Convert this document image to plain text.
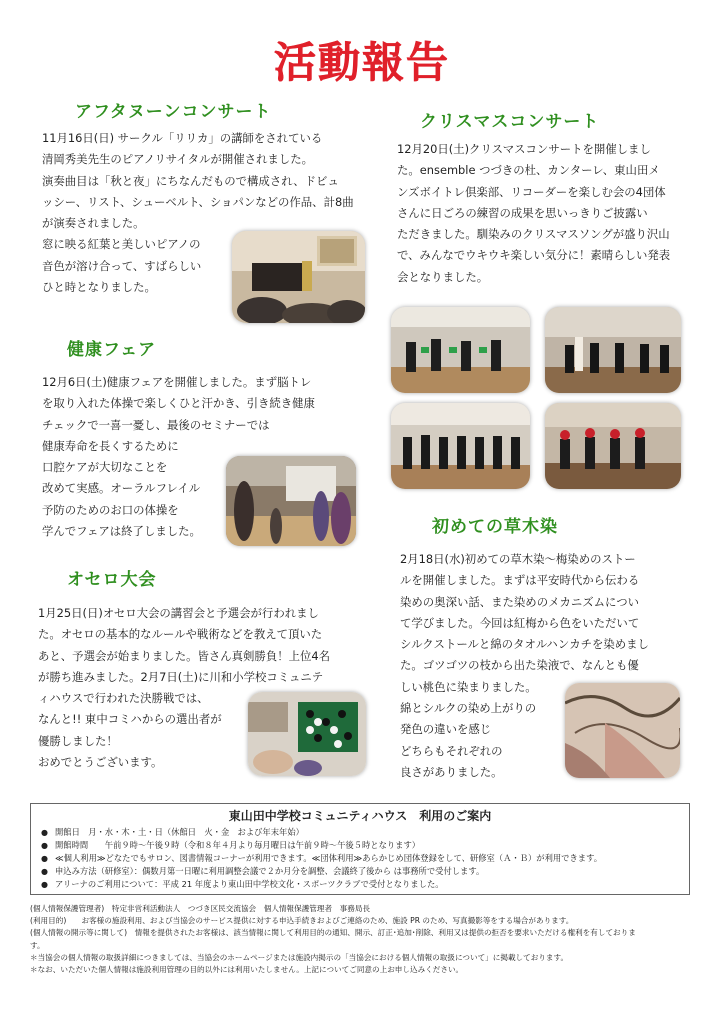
活動報告
アフタヌーンコンサート
11月16日(日) サークル「リリカ」の講師をされている
清岡秀美先生のピアノリサイタルが開催されました。
演奏曲目は「秋と夜」にちなんだもので構成され、ドビュ
ッシー、リスト、シューベルト、ショパンなどの作品、計8曲
が演奏されました。
窓に映る紅葉と美しいピアノの
音色が溶け合って、すばらしい
ひと時となりました。
健康フェア
12月6日(土)健康フェアを開催しました。まず脳トレ
を取り入れた体操で楽しくひと汗かき、引き続き健康
チェックで一喜一憂し、最後のセミナーでは
健康寿命を長くするために
口腔ケアが大切なことを
改めて実感。オーラルフレイル
予防のためのお口の体操を
学んでフェアは終了しました。
オセロ大会
1月25日(日)オセロ大会の講習会と予選会が行われまし
た。オセロの基本的なルールや戦術などを教えて頂いた
あと、予選会が始まりました。皆さん真剣勝負！上位4名
が勝ち進みました。2月7日(土)に川和小学校コミュニテ
ィハウスで行われた決勝戦では、
なんと!! 東中コミハからの選出者が
優勝しました！
おめでとうございます。
クリスマスコンサート
12月20日(土)クリスマスコンサートを開催しまし
た。ensemble つづきの杜、カンターレ、東山田メ
ンズボイトレ倶楽部、リコーダーを楽しむ会の4団体
さんに日ごろの練習の成果を思いっきりご披露い
ただきました。馴染みのクリスマスソングが盛り沢山
で、みんなでウキウキ楽しい気分に！素晴らしい発表
会となりました。
初めての草木染
2月18日(水)初めての草木染〜梅染めのストー
ルを開催しました。まずは平安時代から伝わる
染めの奥深い話、また染めのメカニズムについ
て学びました。今回は紅梅から色をいただいて
シルクストールと綿のタオルハンカチを染めまし
た。ゴツゴツの枝から出た染液で、なんとも優
しい桃色に染まりました。
綿とシルクの染め上がりの
発色の違いを感じ
どちらもそれぞれの
良さがありました。
東山田中学校コミュニティハウス　利用のご案内
● 開館日　月・水・木・土・日（休館日　火・金　および年末年始）
● 開館時間　　午前９時〜午後９時（令和８年４月より毎月曜日は午前９時〜午後５時となります）
● ≪個人利用≫どなたでもサロン、図書情報コーナーが利用できます。≪団体利用≫あらかじめ団体登録をして、研修室（Ａ・Ｂ）が利用できます。
● 申込み方法（研修室）：偶数月第一日曜に利用調整会議で２か月分を調整、会議終了後から は事務所で受付します。
● アリーナのご利用について：平成 21 年度より東山田中学校文化・スポーツクラブで受付となりました。
(個人情報保護管理者)　特定非営利活動法人　つづき区民交流協会　個人情報保護管理者　事務局長
(利用目的)　　お客様の施設利用、および当協会のサービス提供に対する申込手続きおよびご連絡のため、施設 PR のため、写真撮影等をする場合があります。
(個人情報の開示等に関して)　情報を提供されたお客様は、該当情報に関して利用目的の通知、開示、訂正･追加･削除、利用又は提供の拒否を要求いただける権利を有しておりま
す。
＊当協会の個人情報の取扱詳細につきましては、当協会のホームページまたは施設内掲示の「当協会における個人情報の取扱について」に掲載しております。
＊なお、いただいた個人情報は施設利用管理の目的以外には利用いたしません。上記についてご同意の上お申し込みください。
